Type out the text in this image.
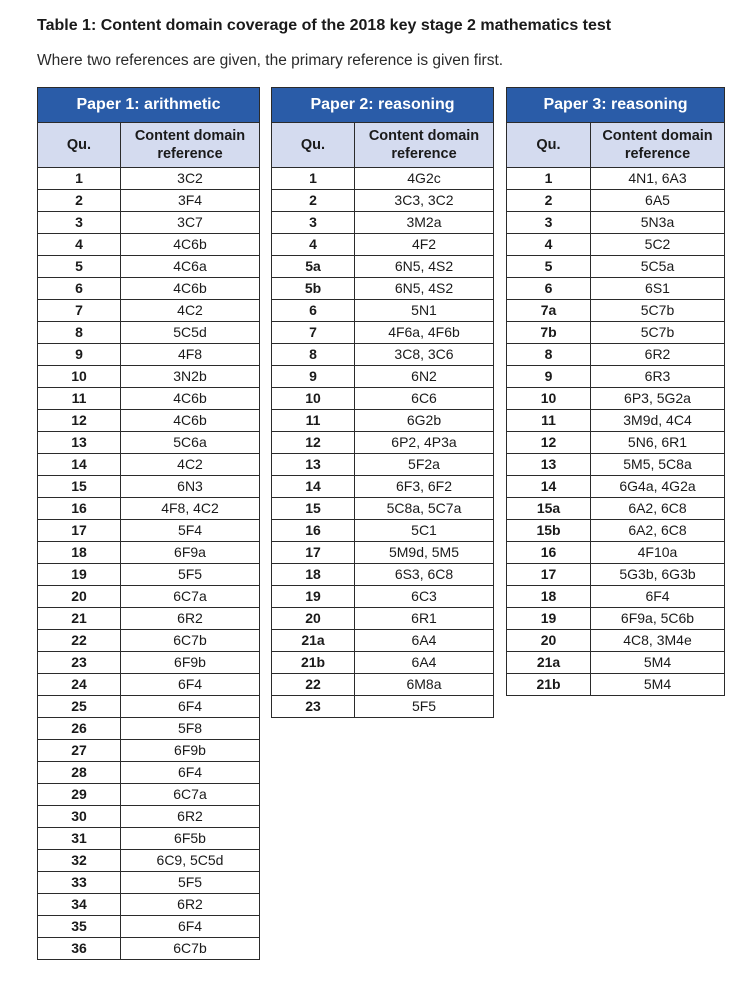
Table 1: Content domain coverage of the 2018 key stage 2 mathematics test

Where two references are given, the primary reference is given first.

Paper 1: arithmetic	
Qu.	Content domain reference
1	3C2
2	3F4
3	3C7
4	4C6b
5	4C6a
6	4C6b
7	4C2
8	5C5d
9	4F8
10	3N2b
11	4C6b
12	4C6b
13	5C6a
14	4C2
15	6N3
16	4F8, 4C2
17	5F4
18	6F9a
19	5F5
20	6C7a
21	6R2
22	6C7b
23	6F9b
24	6F4
25	6F4
26	5F8
27	6F9b
28	6F4
29	6C7a
30	6R2
31	6F5b
32	6C9, 5C5d
33	5F5
34	6R2
35	6F4
36	6C7b
Paper 2: reasoning	
Qu.	Content domain reference
1	4G2c
2	3C3, 3C2
3	3M2a
4	4F2
5a	6N5, 4S2
5b	6N5, 4S2
6	5N1
7	4F6a, 4F6b
8	3C8, 3C6
9	6N2
10	6C6
11	6G2b
12	6P2, 4P3a
13	5F2a
14	6F3, 6F2
15	5C8a, 5C7a
16	5C1
17	5M9d, 5M5
18	6S3, 6C8
19	6C3
20	6R1
21a	6A4
21b	6A4
22	6M8a
23	5F5
Paper 3: reasoning	
Qu.	Content domain reference
1	4N1, 6A3
2	6A5
3	5N3a
4	5C2
5	5C5a
6	6S1
7a	5C7b
7b	5C7b
8	6R2
9	6R3
10	6P3, 5G2a
11	3M9d, 4C4
12	5N6, 6R1
13	5M5, 5C8a
14	6G4a, 4G2a
15a	6A2, 6C8
15b	6A2, 6C8
16	4F10a
17	5G3b, 6G3b
18	6F4
19	6F9a, 5C6b
20	4C8, 3M4e
21a	5M4
21b	5M4
